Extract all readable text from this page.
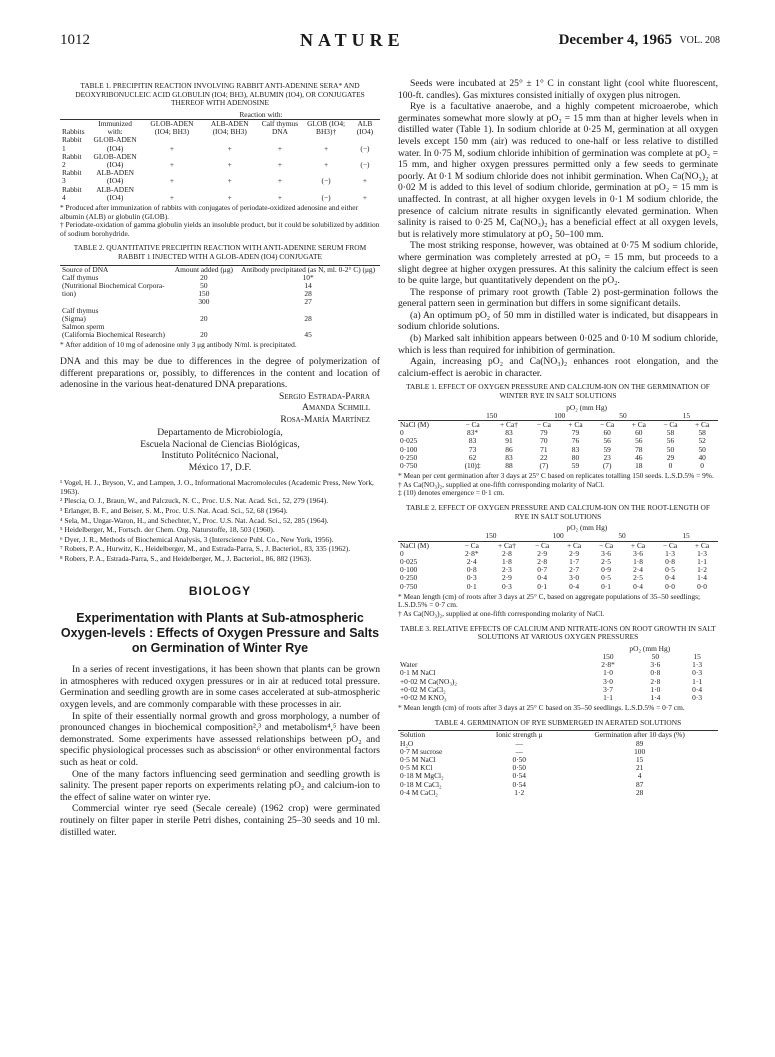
1012	NATURE	December 4, 1965 VOL. 208
TABLE 1. PRECIPITIN REACTION INVOLVING RABBIT ANTI-ADENINE SERA* AND DEOXYRIBONUCLEIC ACID GLOBULIN (IO4; BH3), ALBUMIN (IO4), OR CONJUGATES THEREOF WITH ADENOSINE
		Reaction with:				
Rabbits	Immunized with:	GLOB-ADEN (IO4; BH3)	ALB-ADEN (IO4; BH3)	Calf thymus DNA	GLOB (IO4; BH3)†	ALB (IO4)
Rabbit 1	GLOB-ADEN (IO4)	+	+	+	+	(−)
Rabbit 2	GLOB-ADEN (IO4)	+	+	+	+	(−)
Rabbit 3	ALB-ADEN (IO4)	+	+	+	(−)	+
Rabbit 4	ALB-ADEN (IO4)	+	+	+	(−)	+
* Produced after immunization of rabbits with conjugates of periodate-oxidized adenosine and either albumin (ALB) or globulin (GLOB).
† Periodate-oxidation of gamma globulin yields an insoluble product, but it could be solubilized by addition of sodium borohydride.
TABLE 2. QUANTITATIVE PRECIPITIN REACTION WITH ANTI-ADENINE SERUM FROM RABBIT 1 INJECTED WITH A GLOB-ADEN (IO4) CONJUGATE
Source of DNA	Amount added (μg)	Antibody precipitated (as N, ml. 0-2° C) (μg)
Calf thymus	20	10*
(Nutritional Biochemical Corpora-	50	14
tion)	150	28
	300	27
Calf thymus		
(Sigma)	20	28
Salmon sperm		
(California Biochemical Research)	20	45
* After addition of 10 mg of adenosine only 3 μg antibody N/ml. is precipitated.

DNA and this may be due to differences in the degree of polymerization of different preparations or, possibly, to differences in the content and location of adenosine in the various heat-denatured DNA preparations.

Sergio Estrada-Parra
Amanda Schmill
Rosa-María Martínez
Departamento de Microbiología,
Escuela Nacional de Ciencias Biológicas,
Instituto Politécnico Nacional,
México 17, D.F.
¹ Vogel, H. J., Bryson, V., and Lampen, J. O., Informational Macromolecules (Academic Press, New York, 1963).
² Plescia, O. J., Braun, W., and Palczuck, N. C., Proc. U.S. Nat. Acad. Sci., 52, 279 (1964).
³ Erlanger, B. F., and Beiser, S. M., Proc. U.S. Nat. Acad. Sci., 52, 68 (1964).
⁴ Sela, M., Ungar-Waron, H., and Schechter, Y., Proc. U.S. Nat. Acad. Sci., 52, 285 (1964).
⁵ Heidelberger, M., Fortsch. der Chem. Org. Naturstoffe, 18, 503 (1960).
⁶ Dyer, J. R., Methods of Biochemical Analysis, 3 (Interscience Publ. Co., New York, 1956).
⁷ Robers, P. A., Hurwitz, K., Heidelberger, M., and Estrada-Parra, S., J. Bacteriol., 83, 335 (1962).
⁸ Robers, P. A., Estrada-Parra, S., and Heidelberger, M., J. Bacteriol., 86, 882 (1963).
BIOLOGY
Experimentation with Plants at Sub-atmospheric Oxygen-levels : Effects of Oxygen Pressure and Salts on Germination of Winter Rye

In a series of recent investigations, it has been shown that plants can be grown in atmospheres with reduced oxygen pressures or in air at reduced total pressure. Germination and seedling growth are in some cases accelerated at sub-atmospheric oxygen levels, and are commonly comparable with these processes in air.

In spite of their essentially normal growth and gross morphology, a number of pronounced changes in biochemical composition²,³ and metabolism⁴,⁵ have been demonstrated. Some experiments have assessed relationships between pO₂ and specific physiological processes such as abscission⁶ or other environmental factors such as heat or cold.

One of the many factors influencing seed germination and seedling growth is salinity. The present paper reports on experiments relating pO₂ and calcium-ion to the effect of saline water on winter rye.

Commercial winter rye seed (Secale cereale) (1962 crop) were germinated routinely on filter paper in sterile Petri dishes, containing 25–30 seeds and 10 ml. distilled water.

Seeds were incubated at 25° ± 1° C in constant light (cool white fluorescent, 100-ft. candles). Gas mixtures consisted initially of oxygen plus nitrogen.

Rye is a facultative anaerobe, and a highly competent microaerobe, which germinates somewhat more slowly at pO₂ = 15 mm than at higher levels when in distilled water (Table 1). In sodium chloride at 0·25 M, germination at all oxygen levels except 150 mm (air) was reduced to one-half or less relative to distilled water. In 0·75 M, sodium chloride inhibition of germination was complete at pO₂ = 15 mm, and higher oxygen pressures permitted only a few seeds to germinate poorly. At 0·1 M sodium chloride does not inhibit germination. When Ca(NO₃)₂ at 0·02 M is added to this level of sodium chloride, germination at pO₂ = 15 mm is unaffected. In contrast, at all higher oxygen levels in 0·1 M sodium chloride, the presence of calcium nitrate results in significantly elevated germination. When salinity is raised to 0·25 M, Ca(NO₃)₂ has a beneficial effect at all oxygen levels, but is relatively more stimulatory at pO₂ 50–100 mm.

The most striking response, however, was obtained at 0·75 M sodium chloride, where germination was completely arrested at pO₂ = 15 mm, but proceeds to a slight degree at higher oxygen pressures. At this salinity the calcium effect is seen to be quite large, but quantitatively dependent on the pO₂.

The response of primary root growth (Table 2) post-germination follows the general pattern seen in germination but differs in some significant details.

(a) An optimum pO₂ of 50 mm in distilled water is indicated, but disappears in sodium chloride solutions.

(b) Marked salt inhibition appears between 0·025 and 0·10 M sodium chloride, which is less than required for inhibition of germination.

Again, increasing pO₂ and Ca(NO₃)₂ enhances root elongation, and the calcium-effect is aerobic in character.

TABLE 1. EFFECT OF OXYGEN PRESSURE AND CALCIUM-ION ON THE GERMINATION OF WINTER RYE IN SALT SOLUTIONS
	pO₂ (mm Hg)							
	150		100		50		15	
NaCl (M)	− Ca	+ Ca†	− Ca	+ Ca	− Ca	+ Ca	− Ca	+ Ca
0	83*	83	79	79	60	60	58	58
0·025	83	91	70	76	56	56	56	52
0·100	73	86	71	83	59	78	50	50
0·250	62	83	22	80	23	46	29	40
0·750	(10)‡	88	(7)	59	(7)	18	0	0
* Mean per cent germination after 3 days at 25° C based on replicates totalling 150 seeds. L.S.D.5% = 9%.
† As Ca(NO₃)₂, supplied at one-fifth corresponding molarity of NaCl.
‡ (10) denotes emergence = 0·1 cm.
TABLE 2. EFFECT OF OXYGEN PRESSURE AND CALCIUM-ION ON THE ROOT-LENGTH OF RYE IN SALT SOLUTIONS
	pO₂ (mm Hg)							
	150		100		50		15	
NaCl (M)	− Ca	+ Ca†	− Ca	+ Ca	− Ca	+ Ca	− Ca	+ Ca
0	2·8*	2·8	2·9	2·9	3·6	3·6	1·3	1·3
0·025	2·4	1·8	2·8	1·7	2·5	1·8	0·8	1·1
0·100	0·8	2·3	0·7	2·7	0·9	2·4	0·5	1·2
0·250	0·3	2·9	0·4	3·0	0·5	2·5	0·4	1·4
0·750	0·1	0·3	0·1	0·4	0·1	0·4	0·0	0·0
* Mean length (cm) of roots after 3 days at 25° C, based on aggregate populations of 35–50 seedlings; L.S.D.5% = 0·7 cm.
† As Ca(NO₃)₂, supplied at one-fifth corresponding molarity of NaCl.
TABLE 3. RELATIVE EFFECTS OF CALCIUM AND NITRATE-IONS ON ROOT GROWTH IN SALT SOLUTIONS AT VARIOUS OXYGEN PRESSURES
	pO₂ (mm Hg)		
	150	50	15
Water	2·8*	3·6	1·3
0·1 M NaCl	1·0	0·8	0·3
+0·02 M Ca(NO₃)₂	3·0	2·8	1·1
+0·02 M CaCl₂	3·7	1·0	0·4
+0·02 M KNO₃	1·1	1·4	0·3
* Mean length (cm) of roots after 3 days at 25° C based on 35–50 seedlings. L.S.D.5% = 0·7 cm.
TABLE 4. GERMINATION OF RYE SUBMERGED IN AERATED SOLUTIONS
Solution	Ionic strength μ	Germination after 10 days (%)
H₂O	—	89
0·7 M sucrose	—	100
0·5 M NaCl	0·50	15
0·5 M KCl	0·50	21
0·18 M MgCl₂	0·54	4
0·18 M CaCl₂	0·54	87
0·4 M CaCl₂	1·2	28
